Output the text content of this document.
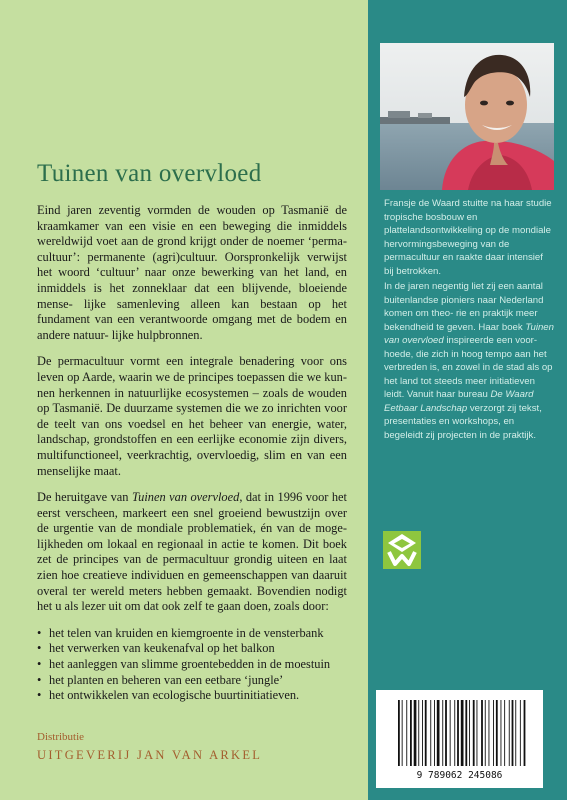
Tuinen van overvloed

Eind jaren zeventig vormden de wouden op Tasmanië de kraamkamer van een visie en een beweging die inmiddels wereldwijd voet aan de grond krijgt onder de noemer ‘perma- cultuur’: permanente (agri)cultuur. Oorspronkelijk verwijst het woord ‘cultuur’ naar onze bewerking van het land, en inmiddels is het zonneklaar dat een blijvende, bloeiende mense- lijke samenleving alleen kan bestaan op het fundament van een verantwoorde omgang met de bodem en andere natuur- lijke hulpbronnen.

De permacultuur vormt een integrale benadering voor ons leven op Aarde, waarin we de principes toepassen die we kun- nen herkennen in natuurlijke ecosystemen – zoals de wouden op Tasmanië. De duurzame systemen die we zo inrichten voor de teelt van ons voedsel en het beheer van energie, water, landschap, grondstoffen en een eerlijke economie zijn divers, multifunctioneel, veerkrachtig, overvloedig, slim en van een menselijke maat.

De heruitgave van Tuinen van overvloed, dat in 1996 voor het eerst verscheen, markeert een snel groeiend bewustzijn over de urgentie van de mondiale problematiek, én van de moge- lijkheden om lokaal en regionaal in actie te komen. Dit boek zet de principes van de permacultuur grondig uiteen en laat zien hoe creatieve individuen en gemeenschappen van daaruit overal ter wereld meters hebben gemaakt. Bovendien nodigt het u als lezer uit om dat ook zelf te gaan doen, zoals door:

• het telen van kruiden en kiemgroente in de vensterbank
• het verwerken van keukenafval op het balkon
• het aanleggen van slimme groentebedden in de moestuin
• het planten en beheren van een eetbare ‘jungle’
• het ontwikkelen van ecologische buurtinitiatieven.
Distributie
UITGEVERIJ JAN VAN ARKEL

Fransje de Waard stuitte na haar studie tropische bosbouw en plattelandsontwikkeling op de mondiale hervormingsbeweging van de permacultuur en raakte daar intensief bij betrokken.

In de jaren negentig liet zij een aantal buitenlandse pioniers naar Nederland komen om theo- rie en praktijk meer bekendheid te geven. Haar boek Tuinen van overvloed inspireerde een voor- hoede, die zich in hoog tempo aan het verbreden is, en zowel in de stad als op het land tot steeds meer initiatieven leidt. Vanuit haar bureau De Waard Eetbaar Landschap verzorgt zij tekst, presentaties en workshops, en begeleidt zij projecten in de praktijk.

9 789062 245086
